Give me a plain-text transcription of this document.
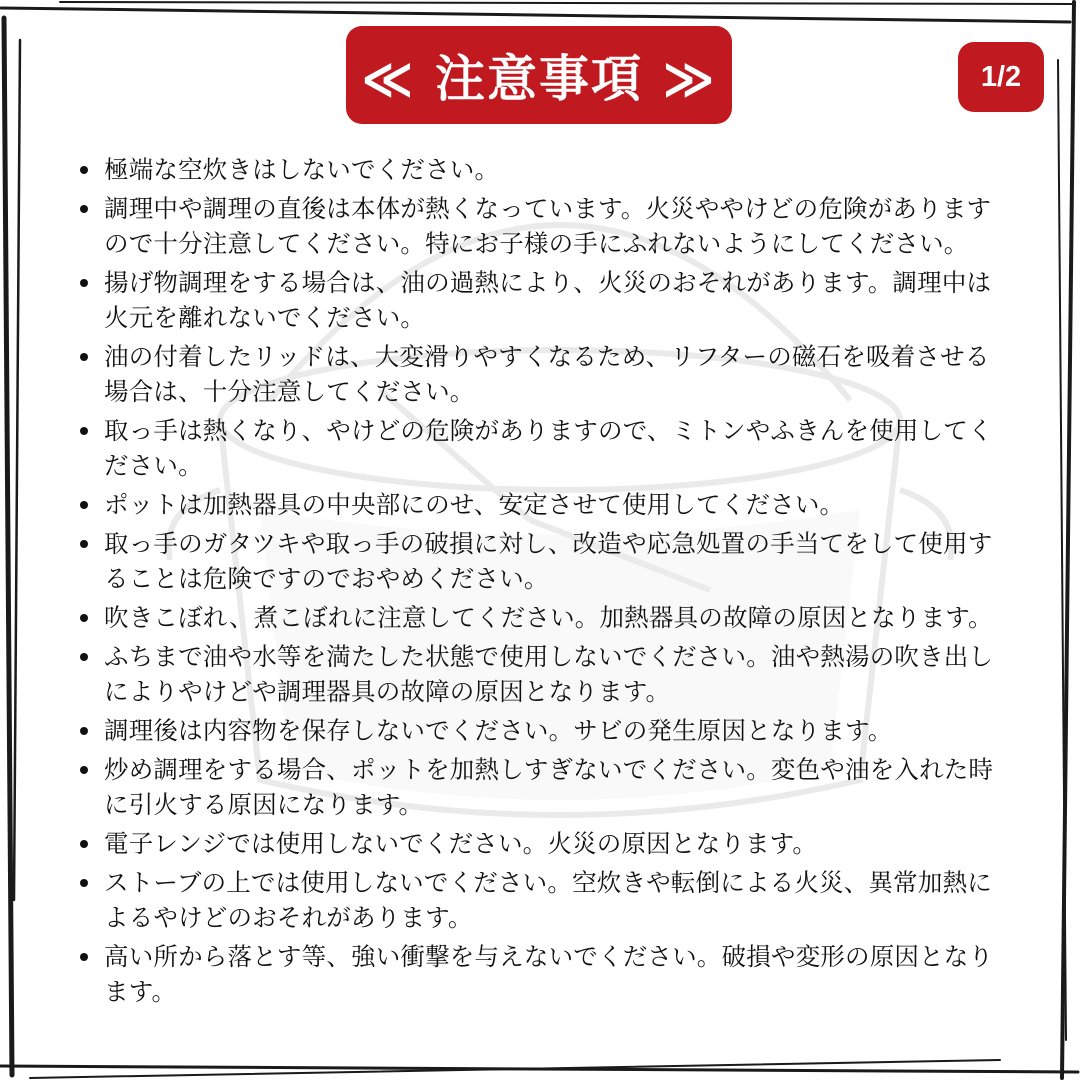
≪ 注意事項 ≫	1/2
極端な空炊きはしないでください。
調理中や調理の直後は本体が熱くなっています。火災ややけどの危険がありますので十分注意してください。特にお子様の手にふれないようにしてください。
揚げ物調理をする場合は、油の過熱により、火災のおそれがあります。調理中は火元を離れないでください。
油の付着したリッドは、大変滑りやすくなるため、リフターの磁石を吸着させる場合は、十分注意してください。
取っ手は熱くなり、やけどの危険がありますので、ミトンやふきんを使用してください。
ポットは加熱器具の中央部にのせ、安定させて使用してください。
取っ手のガタツキや取っ手の破損に対し、改造や応急処置の手当てをして使用することは危険ですのでおやめください。
吹きこぼれ、煮こぼれに注意してください。加熱器具の故障の原因となります。
ふちまで油や水等を満たした状態で使用しないでください。油や熱湯の吹き出しによりやけどや調理器具の故障の原因となります。
調理後は内容物を保存しないでください。サビの発生原因となります。
炒め調理をする場合、ポットを加熱しすぎないでください。変色や油を入れた時に引火する原因になります。
電子レンジでは使用しないでください。火災の原因となります。
ストーブの上では使用しないでください。空炊きや転倒による火災、異常加熱によるやけどのおそれがあります。
高い所から落とす等、強い衝撃を与えないでください。破損や変形の原因となります。
